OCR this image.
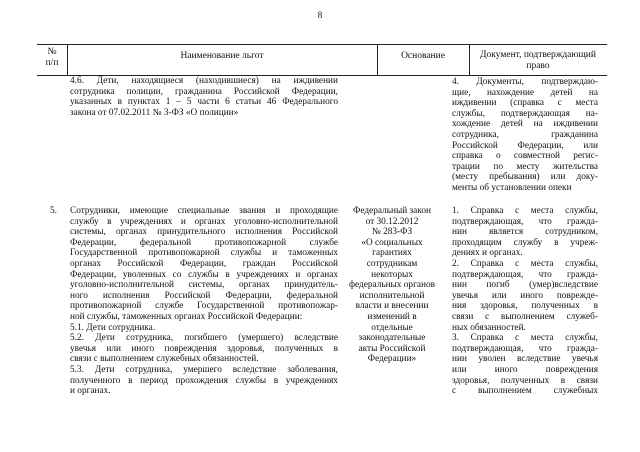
8
№
п/п
Наименование льгот	Основание	Документ, подтверждающий право
4.6. Дети, находящиеся (находившиеся) на иждивении
сотрудника полиции, гражданина Российской Федерации,
указанных в пунктах 1 – 5 части 6 статьи 46 Федерального
закона от 07.02.2011 № 3-ФЗ «О полиции»
4. Документы, подтверждаю-
щие, нахождение детей на
иждивении (справка с места
службы, подтверждающая на-
хождение детей на иждивении
сотрудника, гражданина
Российской Федерации, или
справка о совместной регис-
трации по месту жительства
(месту пребывания) или доку-
менты об установлении опеки
5. Сотрудники, имеющие специальные звания и проходящие
службу в учреждениях и органах уголовно-исполнительной
системы, органах принудительного исполнения Российской
Федерации, федеральной противопожарной службе
Государственной противопожарной службы и таможенных
органах Российской Федерации, граждан Российской
Федерации, уволенных со службы в учреждениях и органах
уголовно-исполнительной системы, органах принудитель-
ного исполнения Российской Федерации, федеральной
противопожарной службе Государственной противопожар-
ной службы, таможенных органах Российской Федерации:
5.1. Дети сотрудника.
5.2. Дети сотрудника, погибшего (умершего) вследствие
увечья или иного повреждения здоровья, полученных в
связи с выполнением служебных обязанностей.
5.3. Дети сотрудника, умершего вследствие заболевания,
полученного в период прохождения службы в учреждениях
и органах.
Федеральный закон
от 30.12.2012
№ 283-ФЗ
«О социальных
гарантиях
сотрудникам
некоторых
федеральных органов
исполнительной
власти и внесении
изменений в
отдельные
законодательные
акты Российской
Федерации»
1. Справка с места службы,
подтверждающая, что граждa-
нин является сотрудником,
проходящим службу в учреж-
дениях и органах.
2. Справка с места службы,
подтверждающая, что гражда-
нин погиб (умер)вследствие
увечья или иного поврежде-
ния здоровья, полученных в
связи с выполнением служеб-
ных обязанностей.
3. Справка с места службы,
подтверждающая, что гражда-
нин уволен вследствие увечья
или иного повреждения
здоровья, полученных в связи
с выполнением служебных
